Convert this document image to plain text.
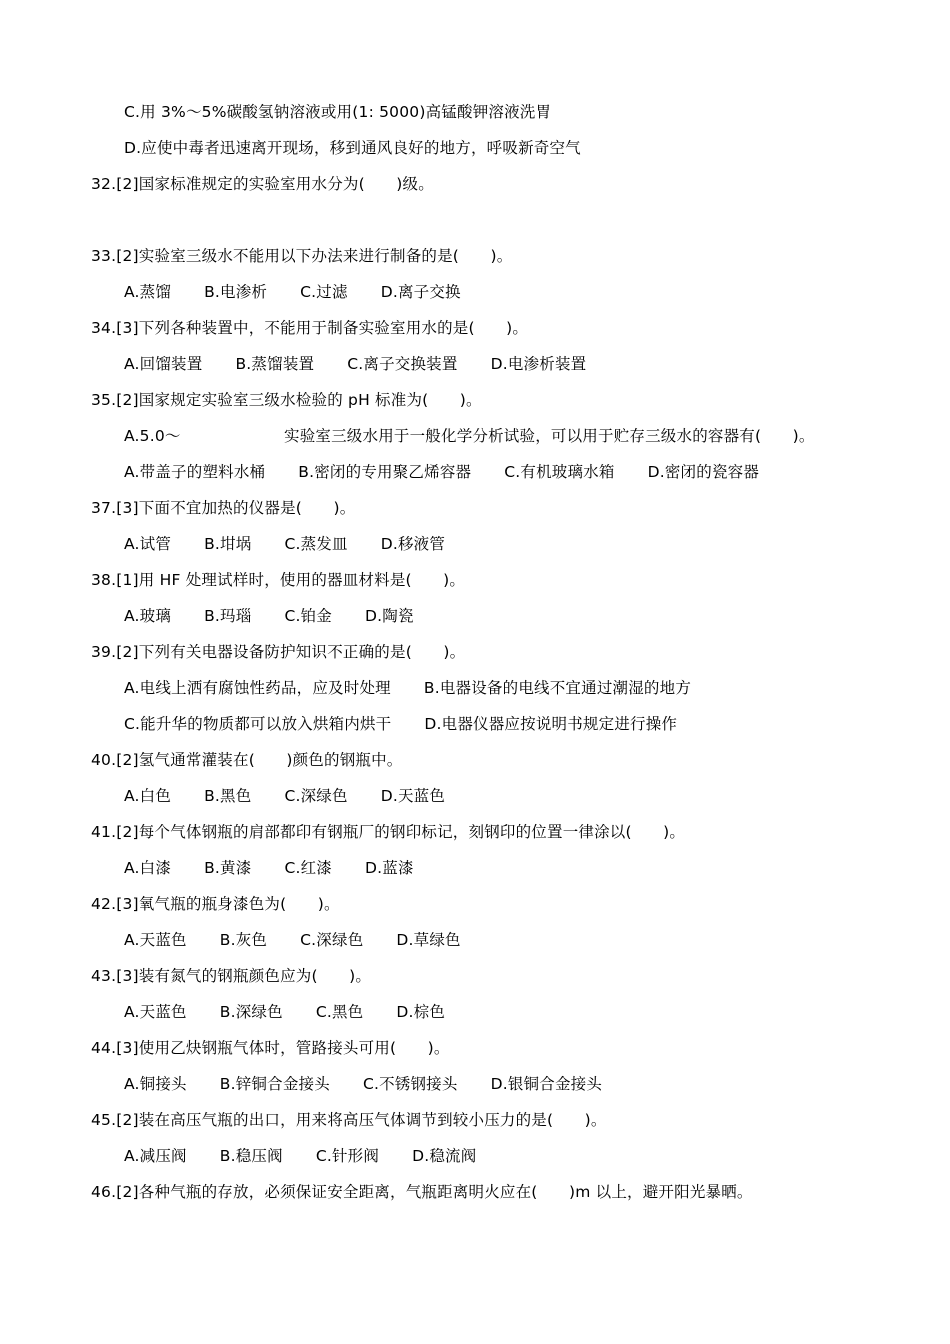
C.用 3%～5%碳酸氢钠溶液或用(1: 5000)高锰酸钾溶液洗胃
D.应使中毒者迅速离开现场，移到通风良好的地方，呼吸新奇空气
32.[2]国家标准规定的实验室用水分为(　　)级。
33.[2]实验室三级水不能用以下办法来进行制备的是(　　)。
A.蒸馏 B.电渗析 C.过滤 D.离子交换
34.[3]下列各种装置中，不能用于制备实验室用水的是(　　)。
A.回馏装置 B.蒸馏装置 C.离子交换装置 D.电渗析装置
35.[2]国家规定实验室三级水检验的 pH 标准为(　　)。
A.5.0～	实验室三级水用于一般化学分析试验，可以用于贮存三级水的容器有(　　)。
A.带盖子的塑料水桶 B.密闭的专用聚乙烯容器 C.有机玻璃水箱 D.密闭的瓷容器
37.[3]下面不宜加热的仪器是(　　)。
A.试管 B.坩埚 C.蒸发皿 D.移液管
38.[1]用 HF 处理试样时，使用的器皿材料是(　　)。
A.玻璃 B.玛瑙 C.铂金 D.陶瓷
39.[2]下列有关电器设备防护知识不正确的是(　　)。
A.电线上洒有腐蚀性药品，应及时处理 B.电器设备的电线不宜通过潮湿的地方
C.能升华的物质都可以放入烘箱内烘干 D.电器仪器应按说明书规定进行操作
40.[2]氢气通常灌装在(　　)颜色的钢瓶中。
A.白色 B.黑色 C.深绿色 D.天蓝色
41.[2]每个气体钢瓶的肩部都印有钢瓶厂的钢印标记，刻钢印的位置一律涂以(　　)。
A.白漆 B.黄漆 C.红漆 D.蓝漆
42.[3]氧气瓶的瓶身漆色为(　　)。
A.天蓝色 B.灰色 C.深绿色 D.草绿色
43.[3]装有氮气的钢瓶颜色应为(　　)。
A.天蓝色 B.深绿色 C.黑色 D.棕色
44.[3]使用乙炔钢瓶气体时，管路接头可用(　　)。
A.铜接头 B.锌铜合金接头 C.不锈钢接头 D.银铜合金接头
45.[2]装在高压气瓶的出口，用来将高压气体调节到较小压力的是(　　)。
A.减压阀 B.稳压阀 C.针形阀 D.稳流阀
46.[2]各种气瓶的存放，必须保证安全距离，气瓶距离明火应在(　　)m 以上，避开阳光暴晒。
